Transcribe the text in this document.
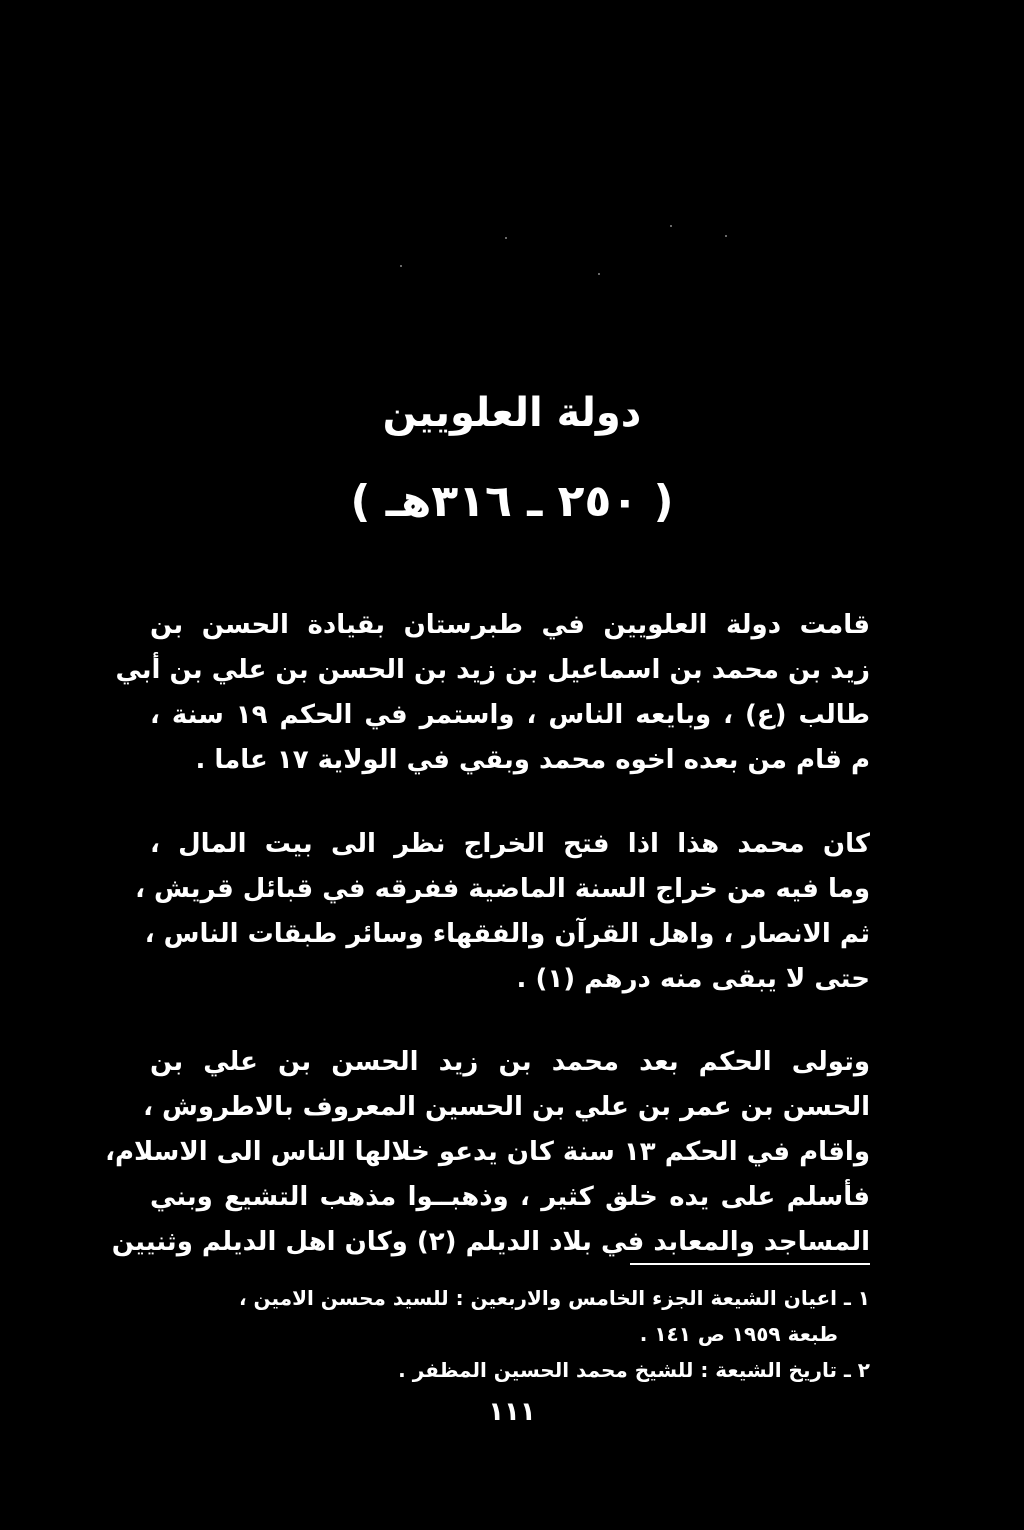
دولة العلويين
( ٢٥٠ ـ ٣١٦هـ )
قامت دولة العلويين في طبرستان بقيادة الحسن بن
زيد بن محمد بن اسماعيل بن زيد بن الحسن بن علي بن أبي
طالب (ع) ، وبايعه الناس ، واستمر في الحكم ١٩ سنة ،
م قام من بعده اخوه محمد وبقي في الولاية ١٧ عاما .
كان محمد هذا اذا فتح الخراج نظر الى بيت المال ،
وما فيه من خراج السنة الماضية ففرقه في قبائل قريش ،
ثم الانصار ، واهل القرآن والفقهاء وسائر طبقات الناس ،
حتى لا يبقى منه درهم (١) .
وتولى الحكم بعد محمد بن زيد الحسن بن علي بن
الحسن بن عمر بن علي بن الحسين المعروف بالاطروش ،
واقام في الحكم ١٣ سنة كان يدعو خلالها الناس الى الاسلام،
فأسلم على يده خلق كثير ، وذهبــوا مذهب التشيع وبني
المساجد والمعابد في بلاد الديلم (٢) وكان اهل الديلم وثنيين
١ ـ اعيان الشيعة الجزء الخامس والاربعين : للسيد محسن الامين ،
طبعة ١٩٥٩ ص ١٤١ .
٢ ـ تاريخ الشيعة : للشيخ محمد الحسين المظفر .
١١١
